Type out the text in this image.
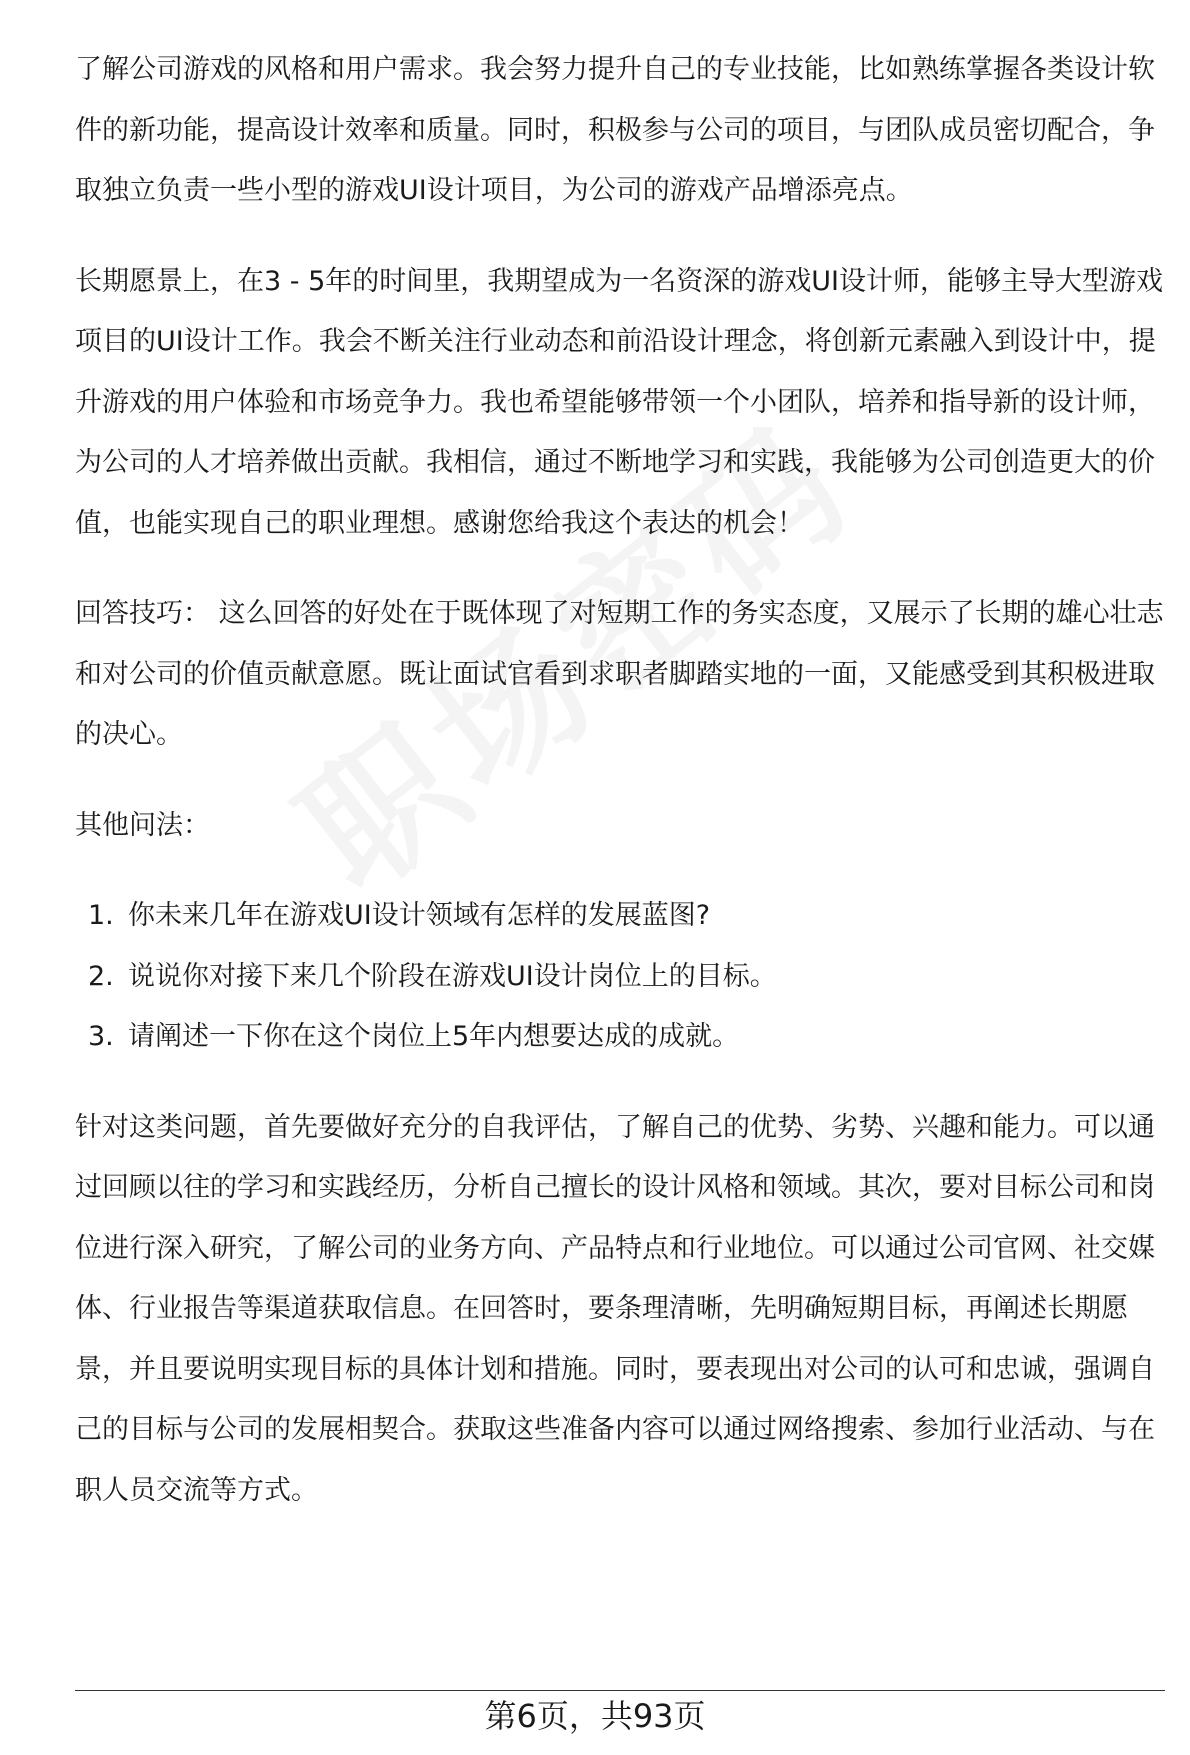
了解公司游戏的风格和用户需求。我会努力提升自己的专业技能，比如熟练掌握各类设计软件的新功能，提高设计效率和质量。同时，积极参与公司的项目，与团队成员密切配合，争取独立负责一些小型的游戏UI设计项目，为公司的游戏产品增添亮点。

长期愿景上，在3 - 5年的时间里，我期望成为一名资深的游戏UI设计师，能够主导大型游戏项目的UI设计工作。我会不断关注行业动态和前沿设计理念，将创新元素融入到设计中，提升游戏的用户体验和市场竞争力。我也希望能够带领一个小团队，培养和指导新的设计师，为公司的人才培养做出贡献。我相信，通过不断地学习和实践，我能够为公司创造更大的价值，也能实现自己的职业理想。感谢您给我这个表达的机会！

回答技巧： 这么回答的好处在于既体现了对短期工作的务实态度，又展示了长期的雄心壮志和对公司的价值贡献意愿。既让面试官看到求职者脚踏实地的一面，又能感受到其积极进取的决心。

其他问法：

1. 你未来几年在游戏UI设计领域有怎样的发展蓝图?
2. 说说你对接下来几个阶段在游戏UI设计岗位上的目标。
3. 请阐述一下你在这个岗位上5年内想要达成的成就。

针对这类问题，首先要做好充分的自我评估，了解自己的优势、劣势、兴趣和能力。可以通过回顾以往的学习和实践经历，分析自己擅长的设计风格和领域。其次，要对目标公司和岗位进行深入研究，了解公司的业务方向、产品特点和行业地位。可以通过公司官网、社交媒体、行业报告等渠道获取信息。在回答时，要条理清晰，先明确短期目标，再阐述长期愿景，并且要说明实现目标的具体计划和措施。同时，要表现出对公司的认可和忠诚，强调自己的目标与公司的发展相契合。获取这些准备内容可以通过网络搜索、参加行业活动、与在职人员交流等方式。

第6页，共93页
